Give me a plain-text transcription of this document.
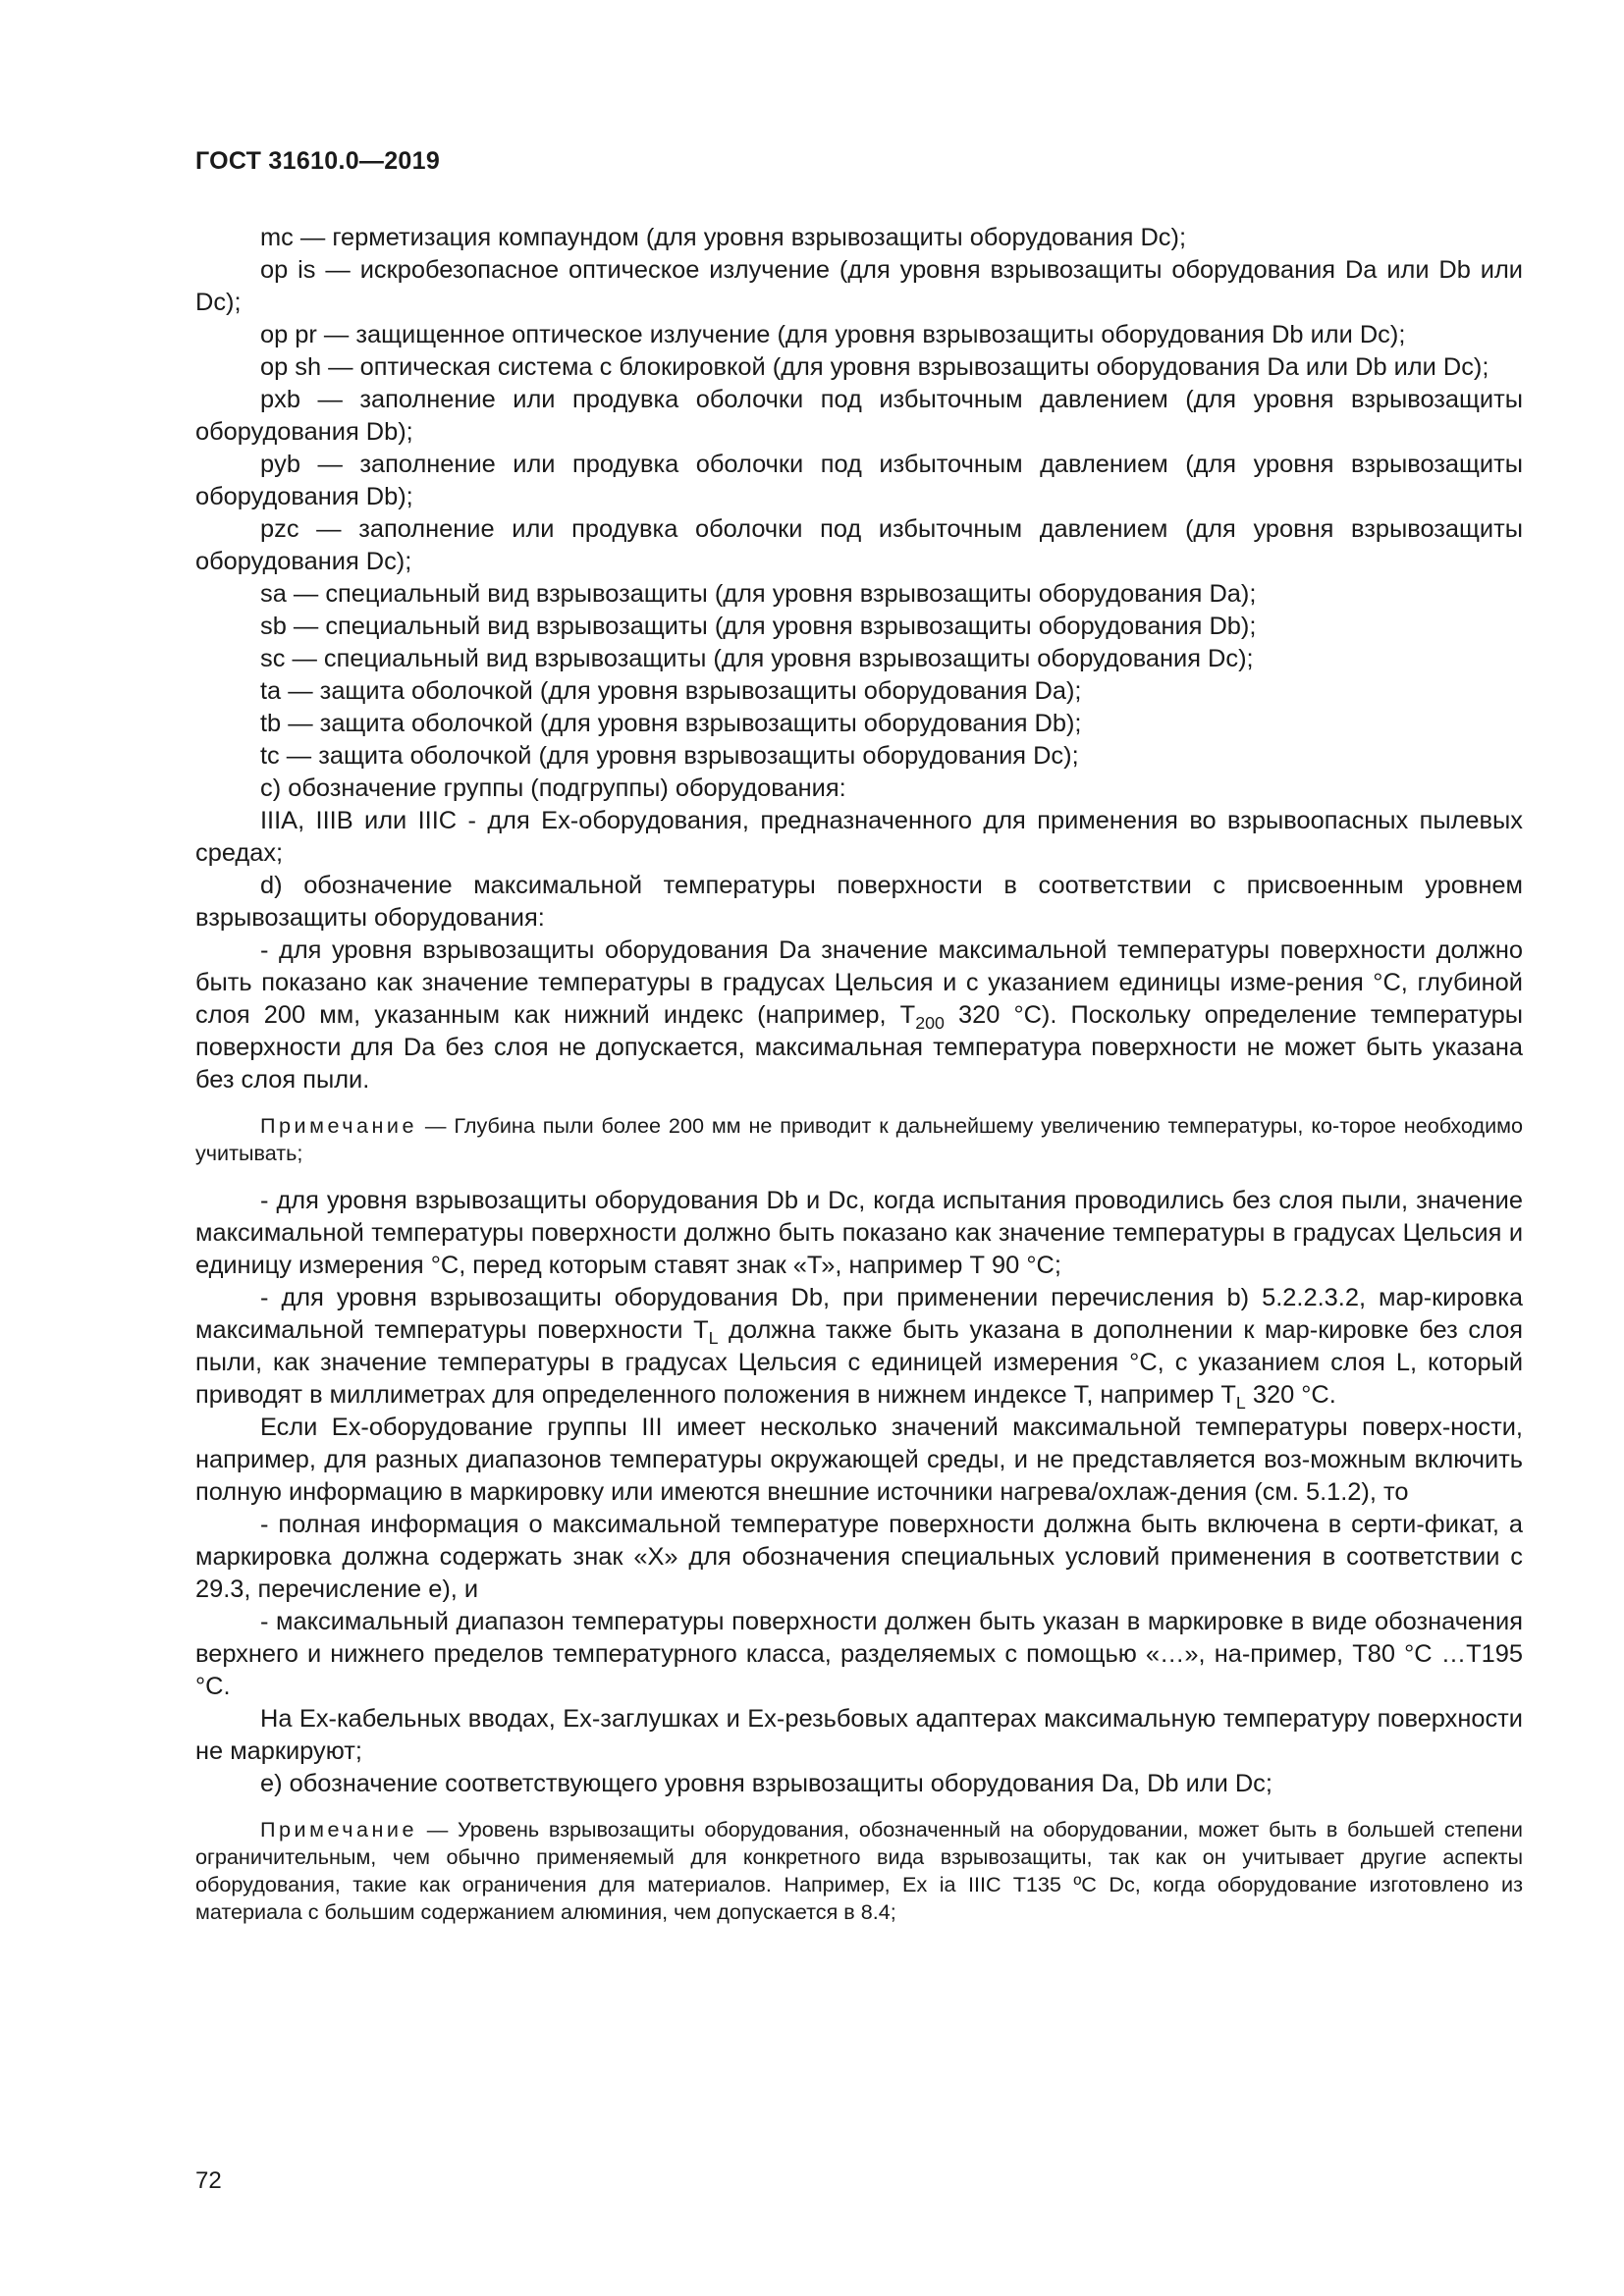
ГОСТ 31610.0—2019

mc — герметизация компаундом (для уровня взрывозащиты оборудования Dc);

op is — искробезопасное оптическое излучение (для уровня взрывозащиты оборудования Da или Db или Dc);

op pr — защищенное оптическое излучение (для уровня взрывозащиты оборудования Db или Dc);

op sh — оптическая система с блокировкой (для уровня взрывозащиты оборудования Da или Db или Dc);

pxb — заполнение или продувка оболочки под избыточным давлением (для уровня взрывозащиты оборудования Db);

pyb — заполнение или продувка оболочки под избыточным давлением (для уровня взрывозащиты оборудования Db);

pzc — заполнение или продувка оболочки под избыточным давлением (для уровня взрывозащиты оборудования Dc);

sa — специальный вид взрывозащиты (для уровня взрывозащиты оборудования Da);

sb — специальный вид взрывозащиты (для уровня взрывозащиты оборудования Db);

sc — специальный вид взрывозащиты (для уровня взрывозащиты оборудования Dc);

ta — защита оболочкой (для уровня взрывозащиты оборудования Da);

tb — защита оболочкой (для уровня взрывозащиты оборудования Db);

tc — защита оболочкой (для уровня взрывозащиты оборудования Dc);

c) обозначение группы (подгруппы) оборудования:

IIIA, IIIB или IIIC - для Ex-оборудования, предназначенного для применения во взрывоопасных пылевых средах;

d) обозначение максимальной температуры поверхности в соответствии с присвоенным уровнем взрывозащиты оборудования:

- для уровня взрывозащиты оборудования Da значение максимальной температуры поверхности должно быть показано как значение температуры в градусах Цельсия и с указанием единицы изме-рения °С, глубиной слоя 200 мм, указанным как нижний индекс (например, $T_{200}$ 320 °С). Поскольку определение температуры поверхности для Da без слоя не допускается, максимальная температура поверхности не может быть указана без слоя пыли.

Примечание — Глубина пыли более 200 мм не приводит к дальнейшему увеличению температуры, ко-торое необходимо учитывать;

- для уровня взрывозащиты оборудования Db и Dc, когда испытания проводились без слоя пыли, значение максимальной температуры поверхности должно быть показано как значение температуры в градусах Цельсия и единицу измерения °С, перед которым ставят знак «Т», например Т 90 °С;

- для уровня взрывозащиты оборудования Db, при применении перечисления b) 5.2.2.3.2, мар-кировка максимальной температуры поверхности $T_L$ должна также быть указана в дополнении к мар-кировке без слоя пыли, как значение температуры в градусах Цельсия с единицей измерения °С, с указанием слоя L, который приводят в миллиметрах для определенного положения в нижнем индексе Т, например $T_L$ 320 °С.

Если Ex-оборудование группы III имеет несколько значений максимальной температуры поверх-ности, например, для разных диапазонов температуры окружающей среды, и не представляется воз-можным включить полную информацию в маркировку или имеются внешние источники нагрева/охлаж-дения (см. 5.1.2), то

- полная информация о максимальной температуре поверхности должна быть включена в серти-фикат, а маркировка должна содержать знак «X» для обозначения специальных условий применения в соответствии с 29.3, перечисление е), и

- максимальный диапазон температуры поверхности должен быть указан в маркировке в виде обозначения верхнего и нижнего пределов температурного класса, разделяемых с помощью «…», на-пример, T80 °С …T195 °С.

На Ex-кабельных вводах, Ex-заглушках и Ex-резьбовых адаптерах максимальную температуру поверхности не маркируют;

e) обозначение соответствующего уровня взрывозащиты оборудования Da, Db или Dc;

Примечание — Уровень взрывозащиты оборудования, обозначенный на оборудовании, может быть в большей степени ограничительным, чем обычно применяемый для конкретного вида взрывозащиты, так как он учитывает другие аспекты оборудования, такие как ограничения для материалов. Например, Ex ia IIIC T135 ºC Dc, когда оборудование изготовлено из материала с большим содержанием алюминия, чем допускается в 8.4;

72
